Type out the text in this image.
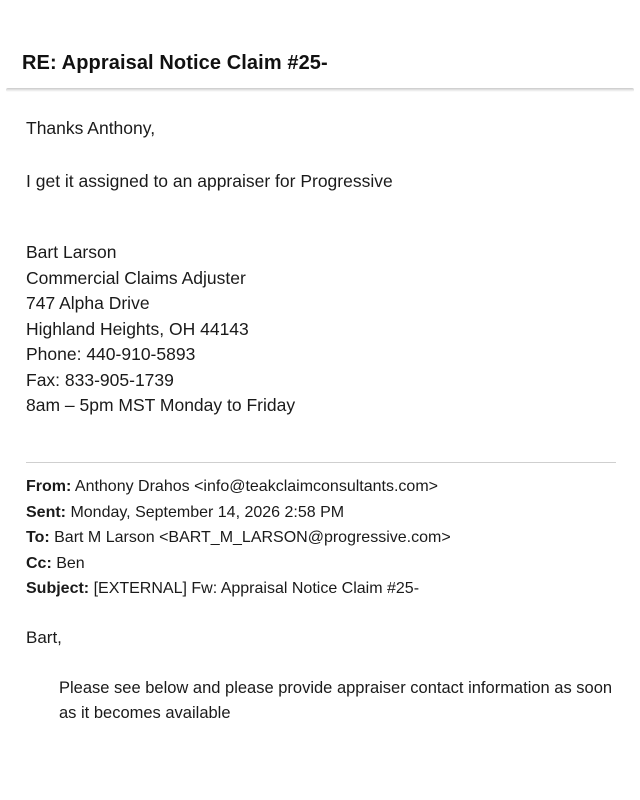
RE: Appraisal Notice Claim #25-
Thanks Anthony,
I get it assigned to an appraiser for Progressive
Bart Larson
Commercial Claims Adjuster
747 Alpha Drive
Highland Heights, OH 44143
Phone: 440-910-5893
Fax: 833-905-1739
8am – 5pm MST Monday to Friday
From: Anthony Drahos <info@teakclaimconsultants.com>
Sent: Monday, September 14, 2026 2:58 PM
To: Bart M Larson <BART_M_LARSON@progressive.com>
Cc: Ben
Subject: [EXTERNAL] Fw: Appraisal Notice Claim #25-
Bart,
Please see below and please provide appraiser contact information as soon as it becomes available
